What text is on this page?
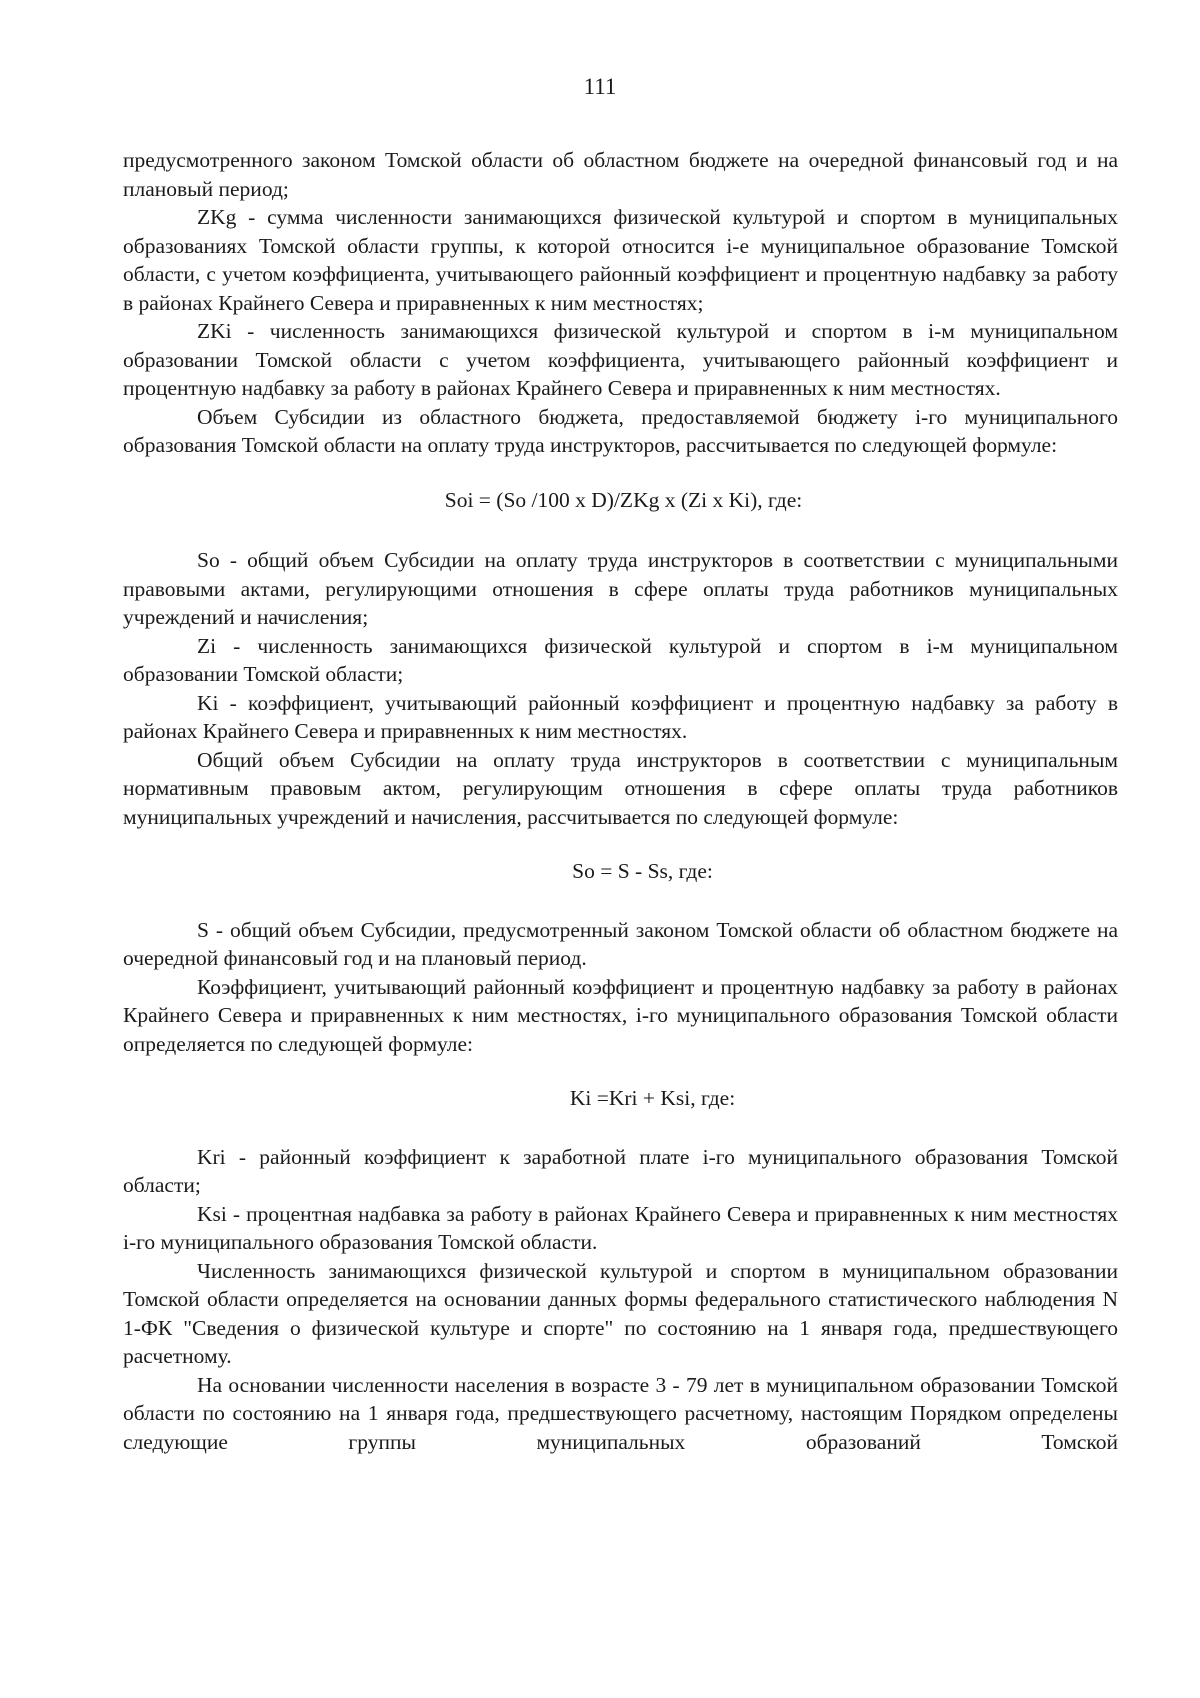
111

предусмотренного законом Томской области об областном бюджете на очередной финансовый год и на плановый период;

ZKg - сумма численности занимающихся физической культурой и спортом в муниципальных образованиях Томской области группы, к которой относится i-е муниципальное образование Томской области, с учетом коэффициента, учитывающего районный коэффициент и процентную надбавку за работу в районах Крайнего Севера и приравненных к ним местностях;

ZKi - численность занимающихся физической культурой и спортом в i-м муниципальном образовании Томской области с учетом коэффициента, учитывающего районный коэффициент и процентную надбавку за работу в районах Крайнего Севера и приравненных к ним местностях.

Объем Субсидии из областного бюджета, предоставляемой бюджету i-го муниципального образования Томской области на оплату труда инструкторов, рассчитывается по следующей формуле:

Soi = (So /100 x D)/ZKg x (Zi x Ki), где:

So - общий объем Субсидии на оплату труда инструкторов в соответствии с муниципальными правовыми актами, регулирующими отношения в сфере оплаты труда работников муниципальных учреждений и начисления;

Zi - численность занимающихся физической культурой и спортом в i-м муниципальном образовании Томской области;

Ki - коэффициент, учитывающий районный коэффициент и процентную надбавку за работу в районах Крайнего Севера и приравненных к ним местностях.

Общий объем Субсидии на оплату труда инструкторов в соответствии с муниципальным нормативным правовым актом, регулирующим отношения в сфере оплаты труда работников муниципальных учреждений и начисления, рассчитывается по следующей формуле:

So = S - Ss, где:

S - общий объем Субсидии, предусмотренный законом Томской области об областном бюджете на очередной финансовый год и на плановый период.

Коэффициент, учитывающий районный коэффициент и процентную надбавку за работу в районах Крайнего Севера и приравненных к ним местностях, i-го муниципального образования Томской области определяется по следующей формуле:

Ki =Kri + Ksi, где:

Kri - районный коэффициент к заработной плате i-го муниципального образования Томской области;

Ksi - процентная надбавка за работу в районах Крайнего Севера и приравненных к ним местностях i-го муниципального образования Томской области.

Численность занимающихся физической культурой и спортом в муниципальном образовании Томской области определяется на основании данных формы федерального статистического наблюдения N 1-ФК "Сведения о физической культуре и спорте" по состоянию на 1 января года, предшествующего расчетному.

На основании численности населения в возрасте 3 - 79 лет в муниципальном образовании Томской области по состоянию на 1 января года, предшествующего расчетному, настоящим Порядком определены следующие группы муниципальных образований Томской
